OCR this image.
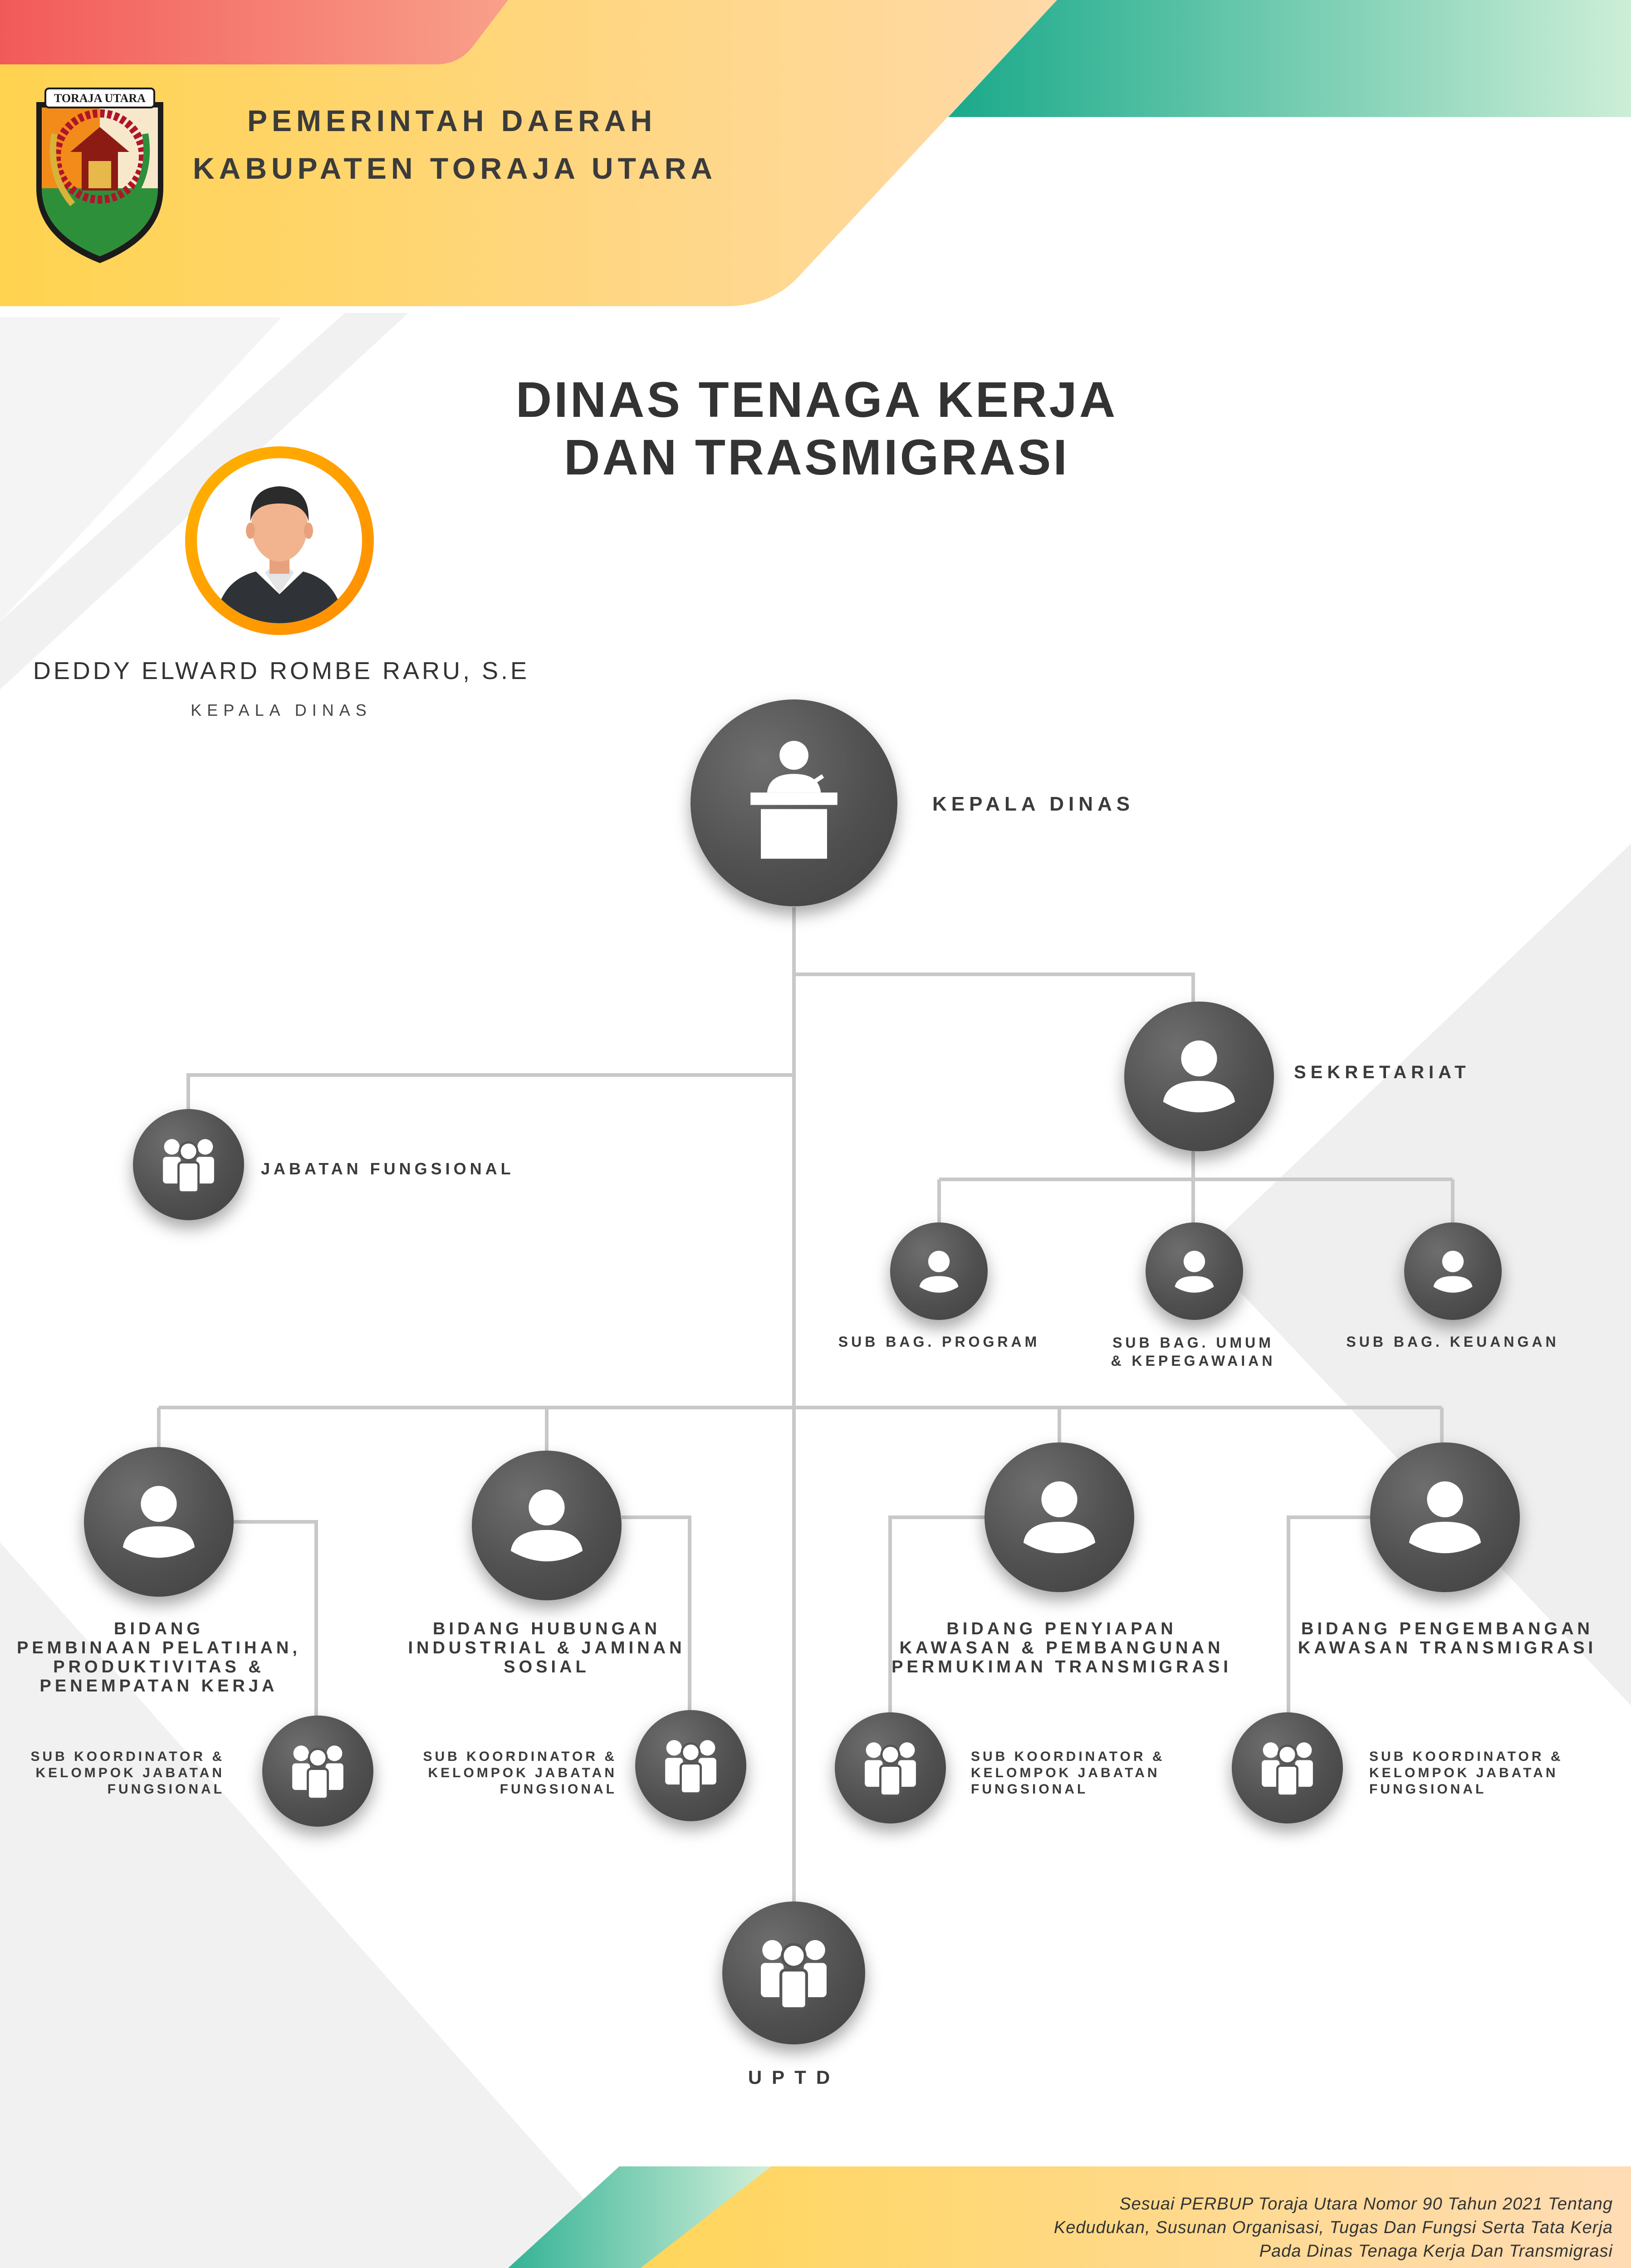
TORAJA UTARA
PEMERINTAH DAERAH
KABUPATEN TORAJA UTARA
DINAS TENAGA KERJA
DAN TRASMIGRASI
DEDDY ELWARD ROMBE RARU, S.E
KEPALA DINAS
KEPALA DINAS
SEKRETARIAT
JABATAN FUNGSIONAL
SUB BAG. PROGRAM	SUB BAG. UMUM
& KEPEGAWAIAN
SUB BAG. KEUANGAN
BIDANG
PEMBINAAN PELATIHAN,
PRODUKTIVITAS &
PENEMPATAN KERJA
BIDANG HUBUNGAN
INDUSTRIAL & JAMINAN
SOSIAL
BIDANG PENYIAPAN
KAWASAN & PEMBANGUNAN
PERMUKIMAN TRANSMIGRASI
BIDANG PENGEMBANGAN
KAWASAN TRANSMIGRASI
SUB KOORDINATOR &
KELOMPOK JABATAN
FUNGSIONAL
SUB KOORDINATOR &
KELOMPOK JABATAN
FUNGSIONAL
SUB KOORDINATOR &
KELOMPOK JABATAN
FUNGSIONAL
SUB KOORDINATOR &
KELOMPOK JABATAN
FUNGSIONAL
UPTD
Sesuai PERBUP Toraja Utara Nomor 90 Tahun 2021 Tentang
Kedudukan, Susunan Organisasi, Tugas Dan Fungsi Serta Tata Kerja
Pada Dinas Tenaga Kerja Dan Transmigrasi
